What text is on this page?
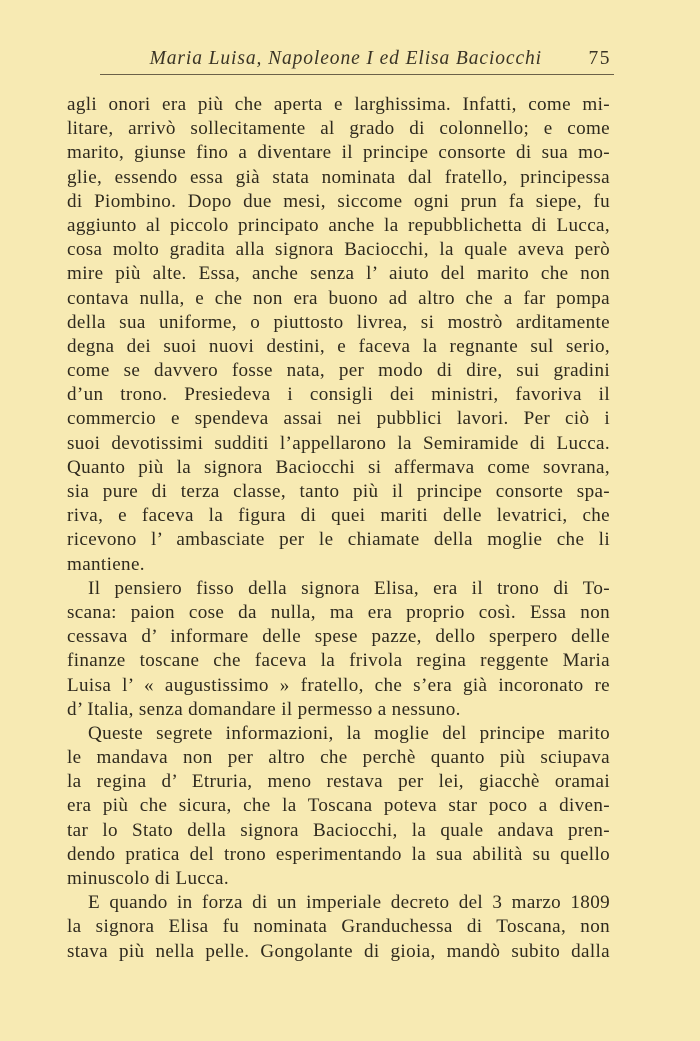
Maria Luisa, Napoleone I ed Elisa Baciocchi 75
agli onori era più che aperta e larghissima. Infatti, come mi-
litare, arrivò sollecitamente al grado di colonnello; e come
marito, giunse fino a diventare il principe consorte di sua mo-
glie, essendo essa già stata nominata dal fratello, principessa
di Piombino. Dopo due mesi, siccome ogni prun fa siepe, fu
aggiunto al piccolo principato anche la repubblichetta di Lucca,
cosa molto gradita alla signora Baciocchi, la quale aveva però
mire più alte. Essa, anche senza l’ aiuto del marito che non
contava nulla, e che non era buono ad altro che a far pompa
della sua uniforme, o piuttosto livrea, si mostrò arditamente
degna dei suoi nuovi destini, e faceva la regnante sul serio,
come se davvero fosse nata, per modo di dire, sui gradini
d’un trono. Presiedeva i consigli dei ministri, favoriva il
commercio e spendeva assai nei pubblici lavori. Per ciò i
suoi devotissimi sudditi l’appellarono la Semiramide di Lucca.
Quanto più la signora Baciocchi si affermava come sovrana,
sia pure di terza classe, tanto più il principe consorte spa-
riva, e faceva la figura di quei mariti delle levatrici, che
ricevono l’ ambasciate per le chiamate della moglie che li
mantiene.
Il pensiero fisso della signora Elisa, era il trono di To-
scana: paion cose da nulla, ma era proprio così. Essa non
cessava d’ informare delle spese pazze, dello sperpero delle
finanze toscane che faceva la frivola regina reggente Maria
Luisa l’ « augustissimo » fratello, che s’era già incoronato re
d’ Italia, senza domandare il permesso a nessuno.
Queste segrete informazioni, la moglie del principe marito
le mandava non per altro che perchè quanto più sciupava
la regina d’ Etruria, meno restava per lei, giacchè oramai
era più che sicura, che la Toscana poteva star poco a diven-
tar lo Stato della signora Baciocchi, la quale andava pren-
dendo pratica del trono esperimentando la sua abilità su quello
minuscolo di Lucca.
E quando in forza di un imperiale decreto del 3 marzo 1809
la signora Elisa fu nominata Granduchessa di Toscana, non
stava più nella pelle. Gongolante di gioia, mandò subito dalla
